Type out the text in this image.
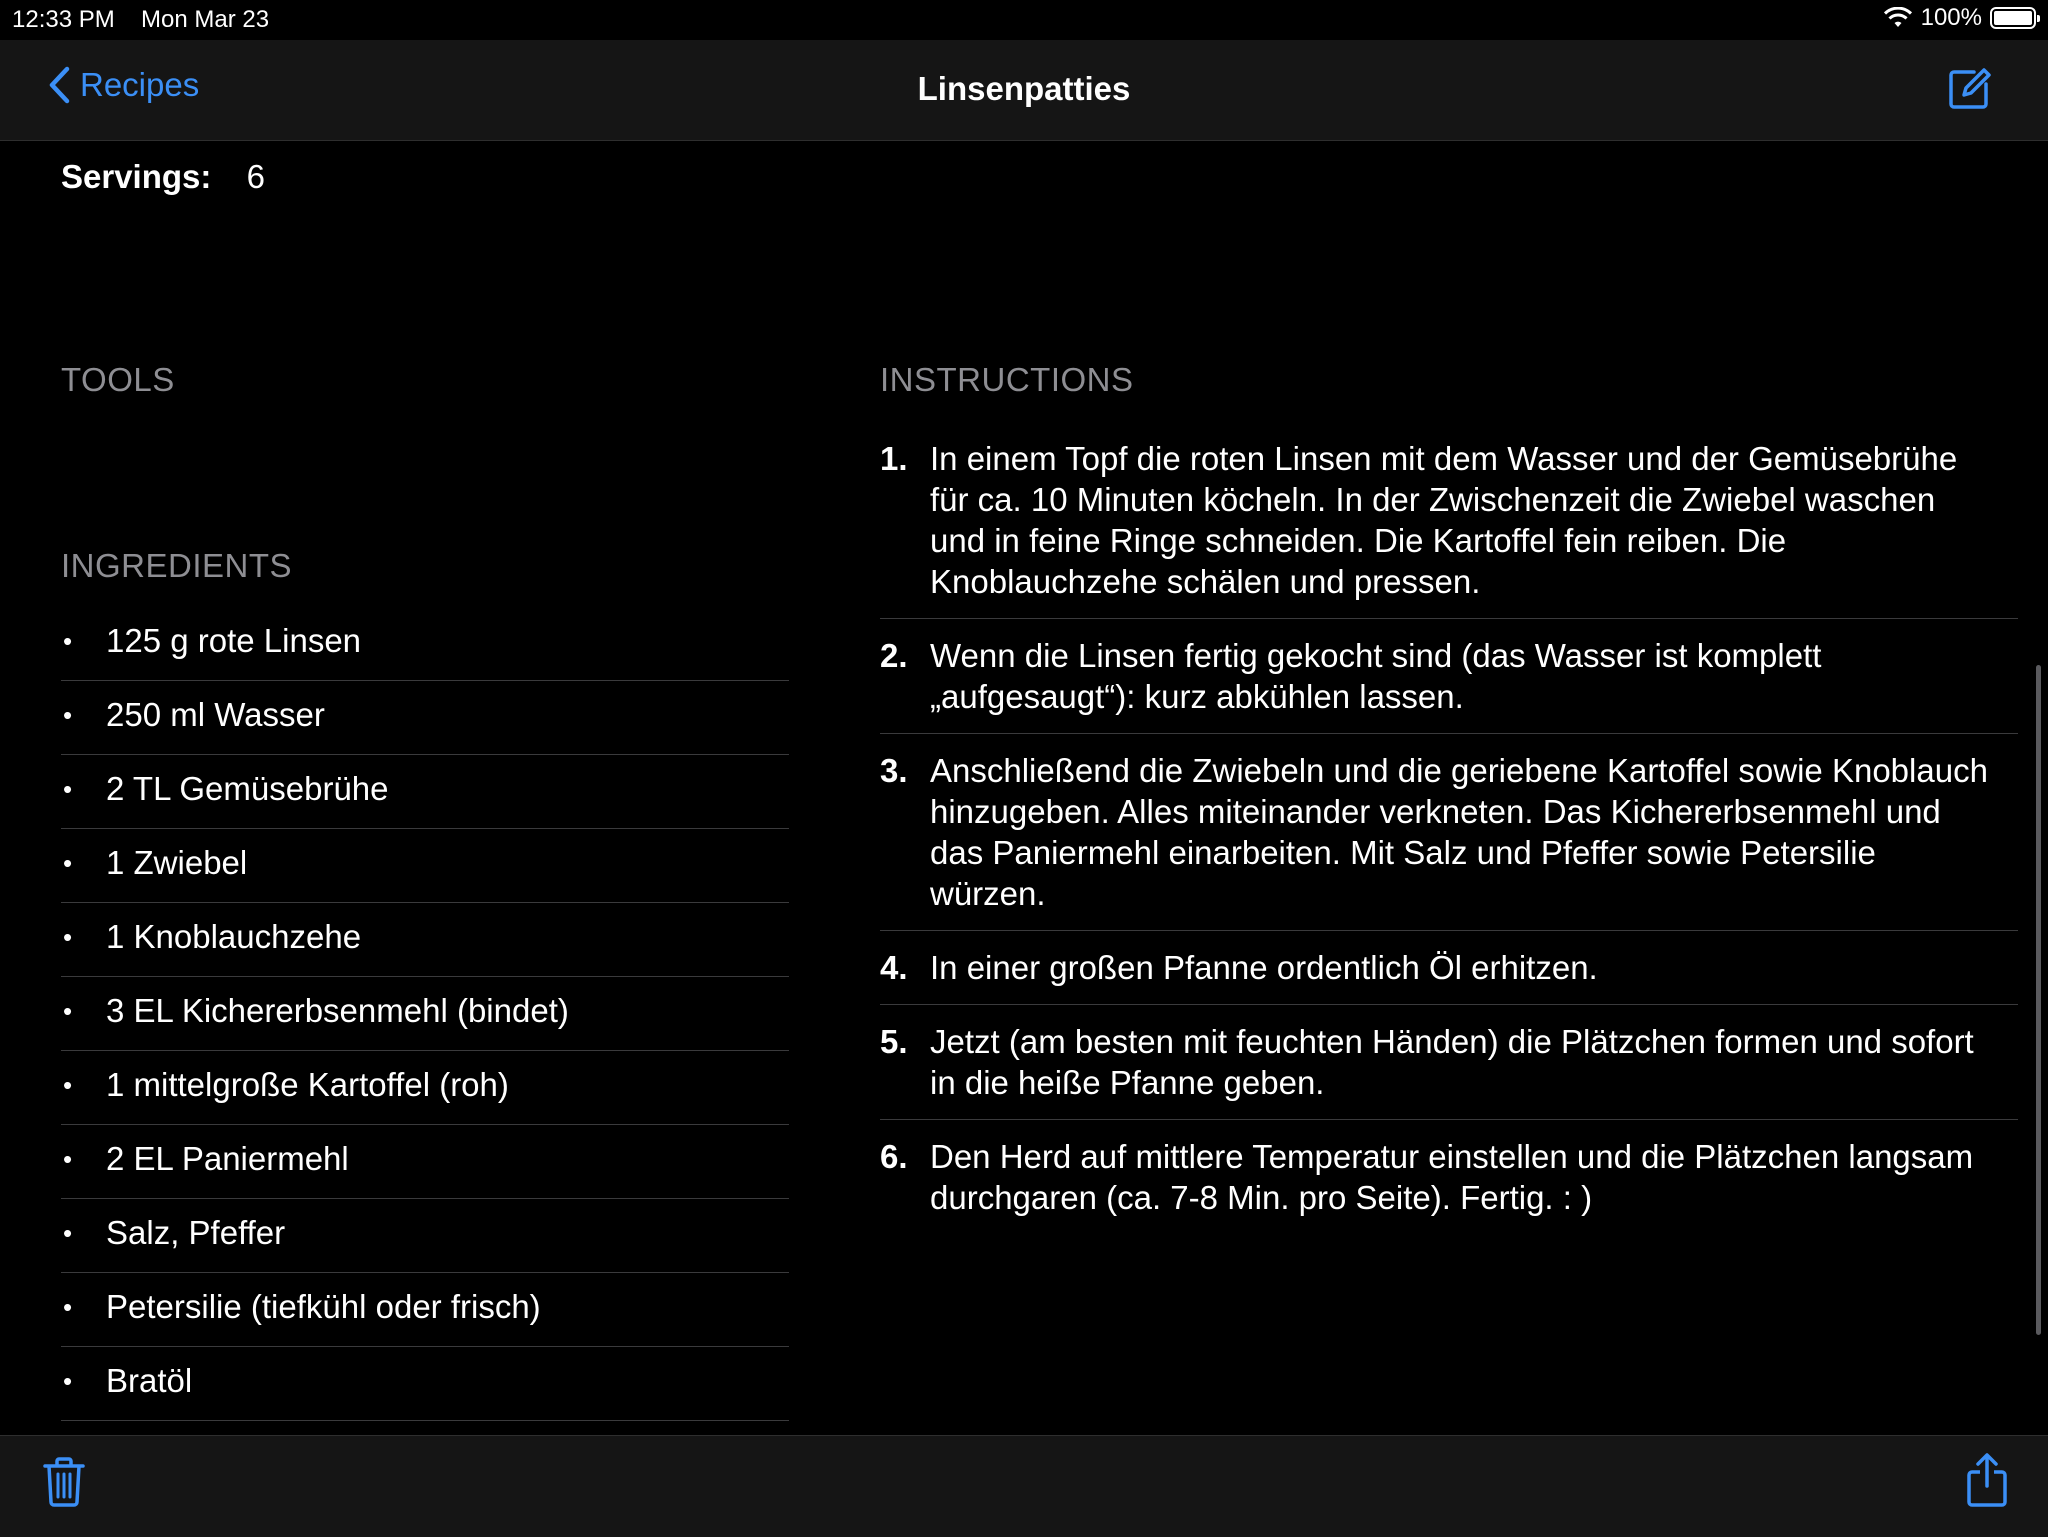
12:33 PM Mon Mar 23	100%
Recipes	Linsenpatties
Servings: 6
TOOLS
INGREDIENTS
INSTRUCTIONS
•	125 g rote Linsen
•	250 ml Wasser
•	2 TL Gemüsebrühe
•	1 Zwiebel
•	1 Knoblauchzehe
•	3 EL Kichererbsenmehl (bindet)
•	1 mittelgroße Kartoffel (roh)
•	2 EL Paniermehl
•	Salz, Pfeffer
•	Petersilie (tiefkühl oder frisch)
•	Bratöl
1. In einem Topf die roten Linsen mit dem Wasser und der Gemüsebrühe für ca. 10 Minuten köcheln. In der Zwischenzeit die Zwiebel waschen und in feine Ringe schneiden. Die Kartoffel fein reiben. Die Knoblauchzehe schälen und pressen.
2. Wenn die Linsen fertig gekocht sind (das Wasser ist komplett „aufgesaugt“): kurz abkühlen lassen.
3. Anschließend die Zwiebeln und die geriebene Kartoffel sowie Knoblauch hinzugeben. Alles miteinander verkneten. Das Kichererbsenmehl und das Paniermehl einarbeiten. Mit Salz und Pfeffer sowie Petersilie würzen.
4. In einer großen Pfanne ordentlich Öl erhitzen.
5. Jetzt (am besten mit feuchten Händen) die Plätzchen formen und sofort in die heiße Pfanne geben.
6. Den Herd auf mittlere Temperatur einstellen und die Plätzchen langsam durchgaren (ca. 7-8 Min. pro Seite). Fertig. : )
